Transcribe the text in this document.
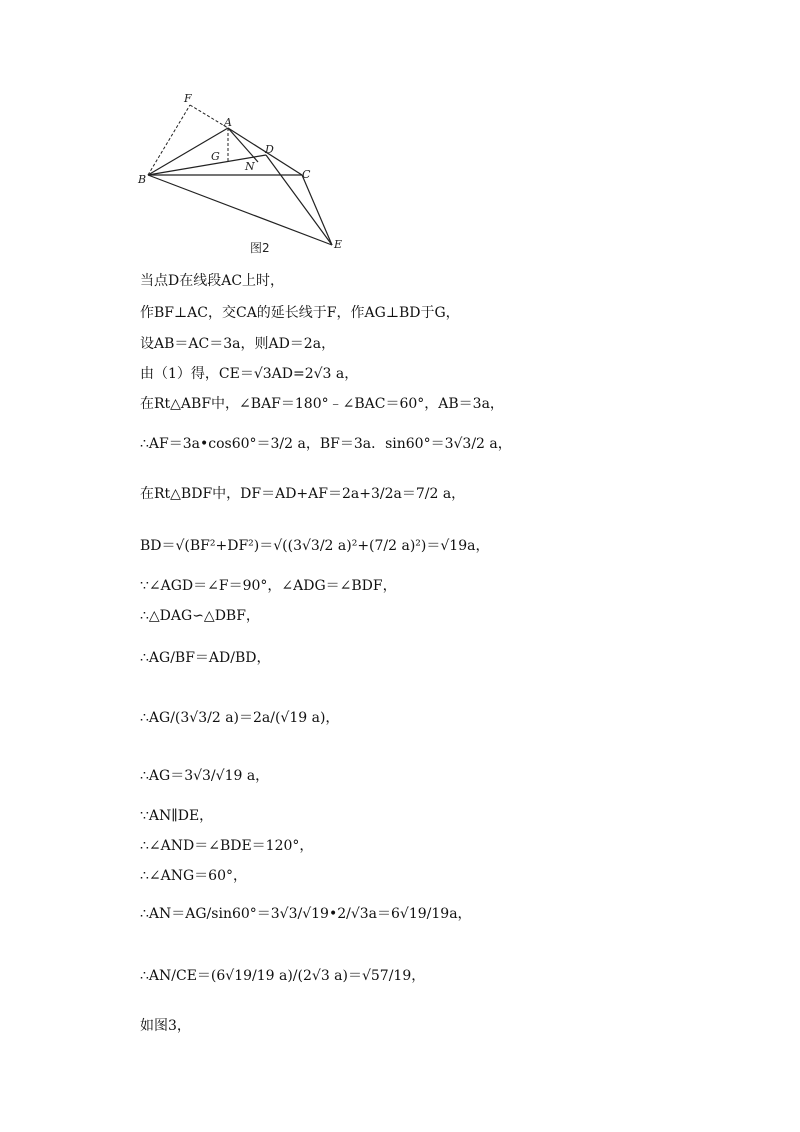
F
A
G
D
N
B	C
E
图2
当点D在线段AC上时，
作BF⊥AC，交CA的延长线于F，作AG⊥BD于G，
设AB＝AC＝3a，则AD＝2a，
由（1）得，CE＝√3AD=2√3 a，
在Rt△ABF中，∠BAF＝180°﹣∠BAC＝60°，AB＝3a，
∴AF＝3a•cos60°＝3/2 a，BF＝3a．sin60°＝3√3/2 a，
在Rt△BDF中，DF＝AD+AF＝2a+3/2a＝7/2 a，
BD＝√(BF²+DF²)＝√((3√3/2 a)²+(7/2 a)²)＝√19a，
∵∠AGD＝∠F＝90°，∠ADG＝∠BDF，
∴△DAG∽△DBF，
∴AG/BF＝AD/BD，
∴AG/(3√3/2 a)＝2a/(√19 a)，
∴AG＝3√3/√19 a，
∵AN∥DE，
∴∠AND＝∠BDE＝120°，
∴∠ANG＝60°，
∴AN＝AG/sin60°＝3√3/√19•2/√3a＝6√19/19a，
∴AN/CE＝(6√19/19 a)/(2√3 a)＝√57/19，
如图3，
